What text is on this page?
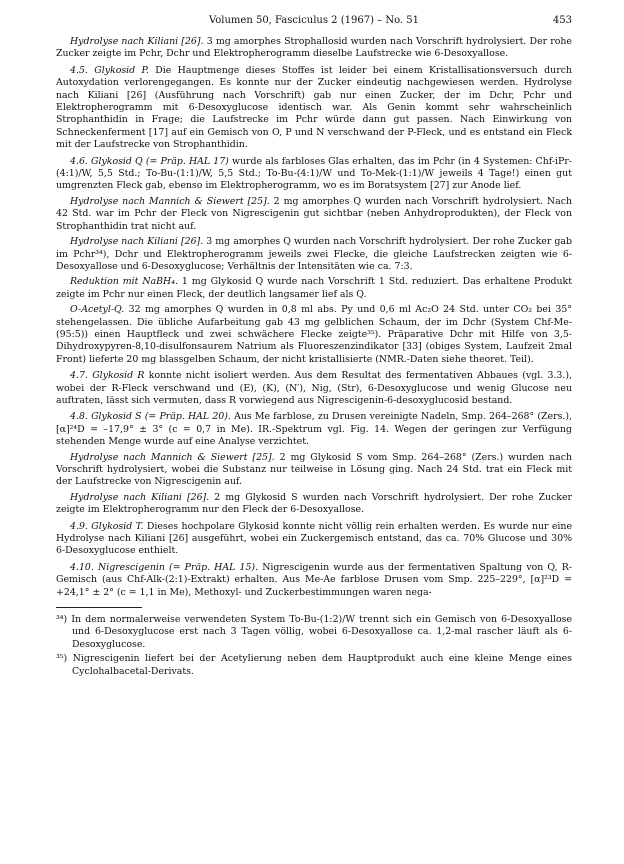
Volumen 50, Fasciculus 2 (1967) – No. 51	453

Hydrolyse nach Kiliani [26]. 3 mg amorphes Strophallosid wurden nach Vorschrift hydrolysiert. Der rohe Zucker zeigte im Pchr, Dchr und Elektropherogramm dieselbe Laufstrecke wie 6-Desoxyallose.

4.5. Glykosid P. Die Hauptmenge dieses Stoffes ist leider bei einem Kristallisationsversuch durch Autoxydation verlorengegangen. Es konnte nur der Zucker eindeutig nachgewiesen werden. Hydrolyse nach Kiliani [26] (Ausführung nach Vorschrift) gab nur einen Zucker, der im Dchr, Pchr und Elektropherogramm mit 6-Desoxyglucose identisch war. Als Genin kommt sehr wahrscheinlich Strophanthidin in Frage; die Laufstrecke im Pchr würde dann gut passen. Nach Einwirkung von Schneckenferment [17] auf ein Gemisch von O, P und N verschwand der P-Fleck, und es entstand ein Fleck mit der Laufstrecke von Strophanthidin.

4.6. Glykosid Q (= Präp. HAL 17) wurde als farbloses Glas erhalten, das im Pchr (in 4 Systemen: Chf-iPr-(4:1)/W, 5,5 Std.; To-Bu-(1:1)/W, 5,5 Std.; To-Bu-(4:1)/W und To-Mek-(1:1)/W jeweils 4 Tage!) einen gut umgrenzten Fleck gab, ebenso im Elektropherogramm, wo es im Boratsystem [27] zur Anode lief.

Hydrolyse nach Mannich & Siewert [25]. 2 mg amorphes Q wurden nach Vorschrift hydrolysiert. Nach 42 Std. war im Pchr der Fleck von Nigrescigenin gut sichtbar (neben Anhydroprodukten), der Fleck von Strophanthidin trat nicht auf.

Hydrolyse nach Kiliani [26]. 3 mg amorphes Q wurden nach Vorschrift hydrolysiert. Der rohe Zucker gab im Pchr³⁴), Dchr und Elektropherogramm jeweils zwei Flecke, die gleiche Laufstrecken zeigten wie 6-Desoxyallose und 6-Desoxyglucose; Verhältnis der Intensitäten wie ca. 7:3.

Reduktion mit NaBH₄. 1 mg Glykosid Q wurde nach Vorschrift 1 Std. reduziert. Das erhaltene Produkt zeigte im Pchr nur einen Fleck, der deutlich langsamer lief als Q.

O-Acetyl-Q. 32 mg amorphes Q wurden in 0,8 ml abs. Py und 0,6 ml Ac₂O 24 Std. unter CO₂ bei 35° stehengelassen. Die übliche Aufarbeitung gab 43 mg gelblichen Schaum, der im Dchr (System Chf-Me-(95:5)) einen Hauptfleck und zwei schwächere Flecke zeigte³⁵). Präparative Dchr mit Hilfe von 3,5-Dihydroxypyren-8,10-disulfonsaurem Natrium als Fluoreszenzindikator [33] (obiges System, Laufzeit 2mal Front) lieferte 20 mg blassgelben Schaum, der nicht kristallisierte (NMR.-Daten siehe theoret. Teil).

4.7. Glykosid R konnte nicht isoliert werden. Aus dem Resultat des fermentativen Abbaues (vgl. 3.3.), wobei der R-Fleck verschwand und (E), (K), (N′), Nig, (Str), 6-Desoxyglucose und wenig Glucose neu auftraten, lässt sich vermuten, dass R vorwiegend aus Nigrescigenin-6-desoxyglucosid bestand.

4.8. Glykosid S (= Präp. HAL 20). Aus Me farblose, zu Drusen vereinigte Nadeln, Smp. 264–268° (Zers.), [α]²⁴D = –17,9° ± 3° (c = 0,7 in Me). IR.-Spektrum vgl. Fig. 14. Wegen der geringen zur Verfügung stehenden Menge wurde auf eine Analyse verzichtet.

Hydrolyse nach Mannich & Siewert [25]. 2 mg Glykosid S vom Smp. 264–268° (Zers.) wurden nach Vorschrift hydrolysiert, wobei die Substanz nur teilweise in Lösung ging. Nach 24 Std. trat ein Fleck mit der Laufstrecke von Nigrescigenin auf.

Hydrolyse nach Kiliani [26]. 2 mg Glykosid S wurden nach Vorschrift hydrolysiert. Der rohe Zucker zeigte im Elektropherogramm nur den Fleck der 6-Desoxyallose.

4.9. Glykosid T. Dieses hochpolare Glykosid konnte nicht völlig rein erhalten werden. Es wurde nur eine Hydrolyse nach Kiliani [26] ausgeführt, wobei ein Zuckergemisch entstand, das ca. 70% Glucose und 30% 6-Desoxyglucose enthielt.

4.10. Nigrescigenin (= Präp. HAL 15). Nigrescigenin wurde aus der fermentativen Spaltung von Q, R-Gemisch (aus Chf-Alk-(2:1)-Extrakt) erhalten. Aus Me-Ae farblose Drusen vom Smp. 225–229°, [α]²³D = +24,1° ± 2° (c = 1,1 in Me), Methoxyl- und Zuckerbestimmungen waren nega-

³⁴) In dem normalerweise verwendeten System To-Bu-(1:2)/W trennt sich ein Gemisch von 6-Desoxyallose und 6-Desoxyglucose erst nach 3 Tagen völlig, wobei 6-Desoxyallose ca. 1,2-mal rascher läuft als 6-Desoxyglucose.
³⁵) Nigrescigenin liefert bei der Acetylierung neben dem Hauptprodukt auch eine kleine Menge eines Cyclohalbacetal-Derivats.
